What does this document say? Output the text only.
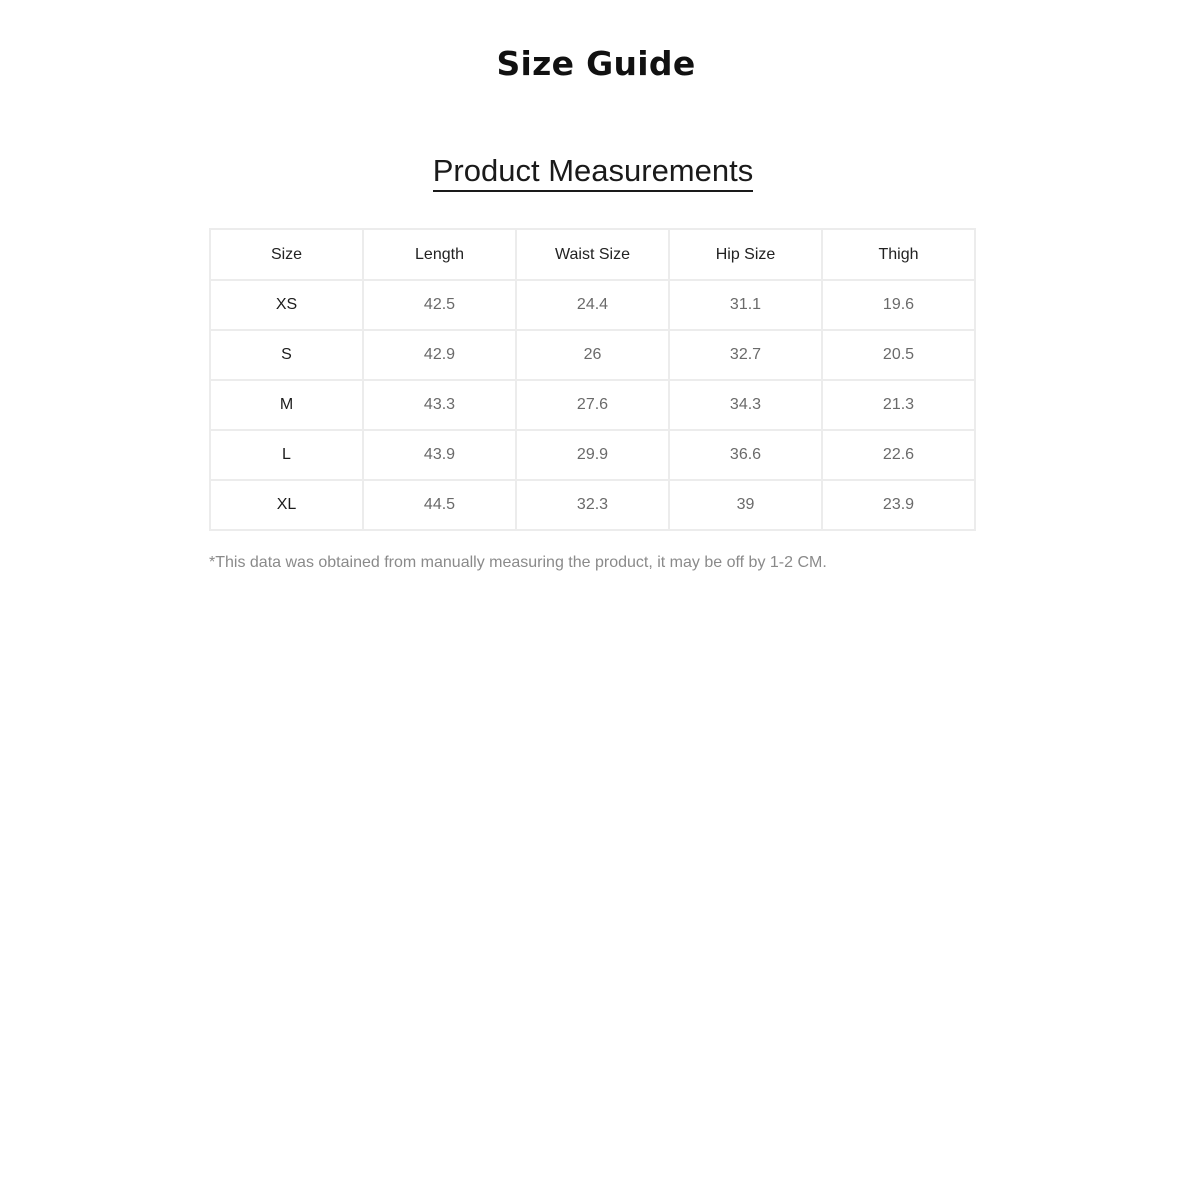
Size Guide
Product Measurements
Size	Length	Waist Size	Hip Size	Thigh
XS	42.5	24.4	31.1	19.6
S	42.9	26	32.7	20.5
M	43.3	27.6	34.3	21.3
L	43.9	29.9	36.6	22.6
XL	44.5	32.3	39	23.9
*This data was obtained from manually measuring the product, it may be off by 1-2 CM.
